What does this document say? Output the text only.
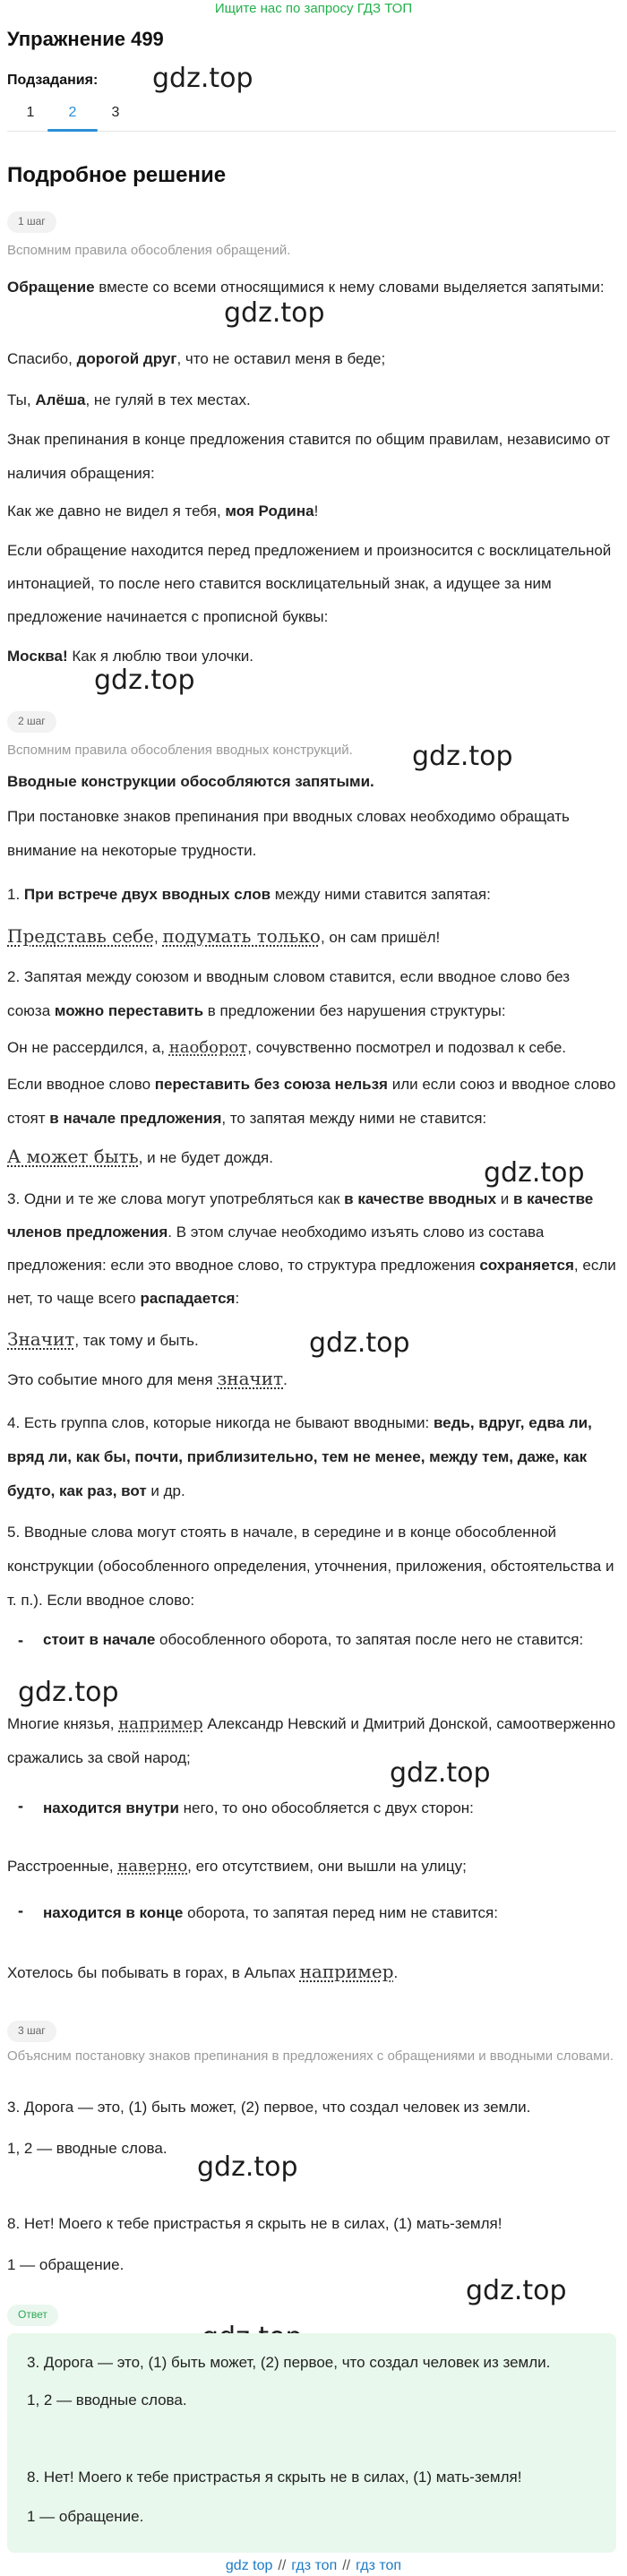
Ищите нас по запросу ГДЗ ТОП
Упражнение 499
Подзадания:
1	2	3
Подробное решение
gdz.top
gdz.top
gdz.top
gdz.top
gdz.top
gdz.top
gdz.top
gdz.top
gdz.top
gdz.top
1 шаг

Вспомним правила обособления обращений.

Обращение вместе со всеми относящимися к нему словами выделяется запятыми:

Спасибо, дорогой друг, что не оставил меня в беде;

Ты, Алёша, не гуляй в тех местах.

Знак препинания в конце предложения ставится по общим правилам, независимо от наличия обращения:

Как же давно не видел я тебя, моя Родина!

Если обращение находится перед предложением и произносится с восклицательной интонацией, то после него ставится восклицательный знак, а идущее за ним предложение начинается с прописной буквы:

Москва! Как я люблю твои улочки.

2 шаг

Вспомним правила обособления вводных конструкций.

Вводные конструкции обособляются запятыми.

При постановке знаков препинания при вводных словах необходимо обращать внимание на некоторые трудности.

1. При встрече двух вводных слов между ними ставится запятая:

Представь себе, подумать только, он сам пришёл!

2. Запятая между союзом и вводным словом ставится, если вводное слово без союза можно переставить в предложении без нарушения структуры:

Он не рассердился, а, наоборот, сочувственно посмотрел и подозвал к себе.

Если вводное слово переставить без союза нельзя или если союз и вводное слово стоят в начале предложения, то запятая между ними не ставится:

А может быть, и не будет дождя.

3. Одни и те же слова могут употребляться как в качестве вводных и в качестве членов предложения. В этом случае необходимо изъять слово из состава предложения: если это вводное слово, то структура предложения сохраняется, если нет, то чаще всего распадается:

Значит, так тому и быть.

Это событие много для меня значит.

4. Есть группа слов, которые никогда не бывают вводными: ведь, вдруг, едва ли, вряд ли, как бы, почти, приблизительно, тем не менее, между тем, даже, как будто, как раз, вот и др.

5. Вводные слова могут стоять в начале, в середине и в конце обособленной конструкции (обособленного определения, уточнения, приложения, обстоятельства и т. п.). Если вводное слово:

- стоит в начале обособленного оборота, то запятая после него не ставится:

Многие князья, например Александр Невский и Дмитрий Донской, самоотверженно сражались за свой народ;

- находится внутри него, то оно обособляется с двух сторон:

Расстроенные, наверно, его отсутствием, они вышли на улицу;

- находится в конце оборота, то запятая перед ним не ставится:

Хотелось бы побывать в горах, в Альпах например.

3 шаг

Объясним постановку знаков препинания в предложениях с обращениями и вводными словами.

3. Дорога — это, (1) быть может, (2) первое, что создал человек из земли.

1, 2 — вводные слова.

8. Нет! Моего к тебе пристрастья я скрыть не в силах, (1) мать-земля!

1 — обращение.

Ответ

3. Дорога — это, (1) быть может, (2) первое, что создал человек из земли.

1, 2 — вводные слова.

8. Нет! Моего к тебе пристрастья я скрыть не в силах, (1) мать-земля!

1 — обращение.

gdz top // гдз топ // гдз топ
